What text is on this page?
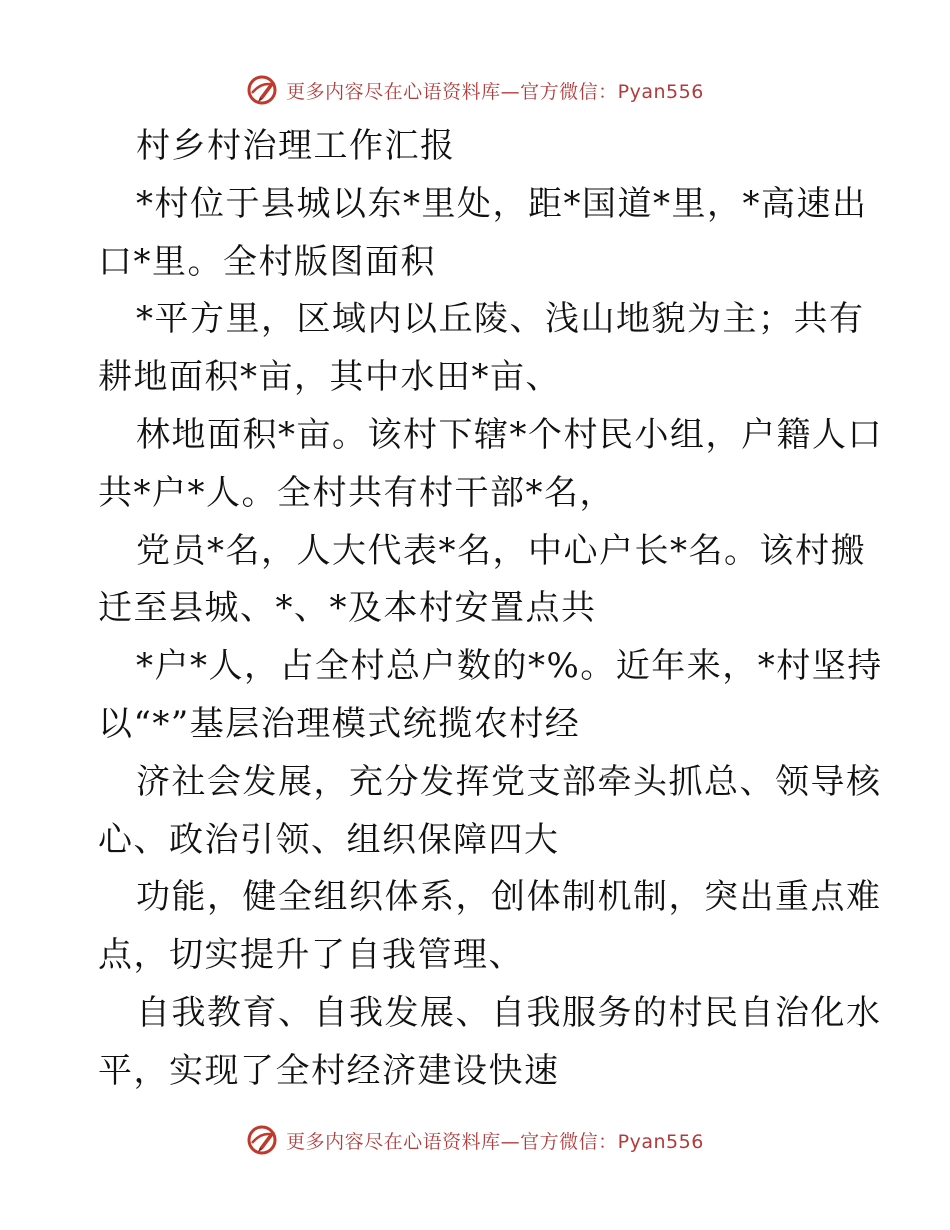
更多内容尽在心语资料库—官方微信：Pyan556
村乡村治理工作汇报
*村位于县城以东*里处，距*国道*里，*高速出
口*里。全村版图面积
*平方里，区域内以丘陵、浅山地貌为主；共有
耕地面积*亩，其中水田*亩、
林地面积*亩。该村下辖*个村民小组，户籍人口
共*户*人。全村共有村干部*名，
党员*名，人大代表*名，中心户长*名。该村搬
迁至县城、*、*及本村安置点共
*户*人，占全村总户数的*%。近年来，*村坚持
以“*”基层治理模式统揽农村经
济社会发展，充分发挥党支部牵头抓总、领导核
心、政治引领、组织保障四大
功能，健全组织体系，创体制机制，突出重点难
点，切实提升了自我管理、
自我教育、自我发展、自我服务的村民自治化水
平，实现了全村经济建设快速
更多内容尽在心语资料库—官方微信：Pyan556
